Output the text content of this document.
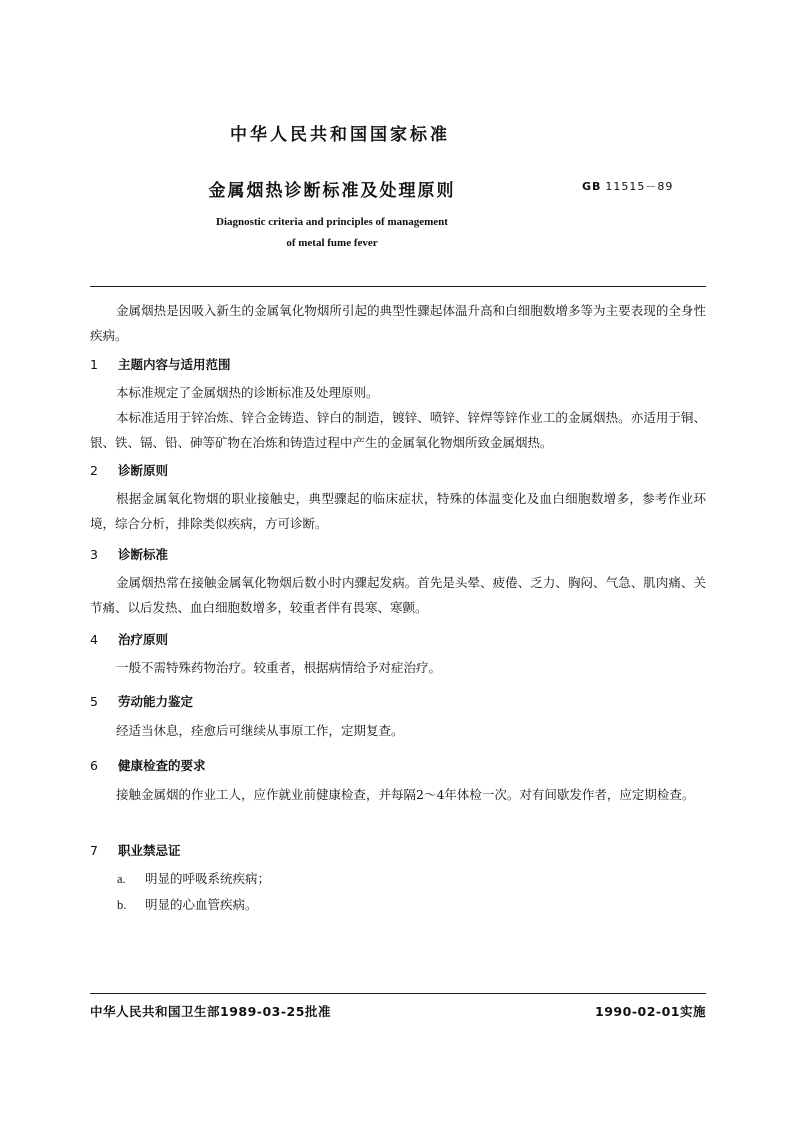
中华人民共和国国家标准
金属烟热诊断标准及处理原则	GB 11515－89
Diagnostic criteria and principles of management
of metal fume fever

金属烟热是因吸入新生的金属氧化物烟所引起的典型性骤起体温升高和白细胞数增多等为主要表现的全身性疾病。

1 主题内容与适用范围

本标准规定了金属烟热的诊断标准及处理原则。

本标准适用于锌冶炼、锌合金铸造、锌白的制造，镀锌、喷锌、锌焊等锌作业工的金属烟热。亦适用于铜、银、铁、镉、铅、砷等矿物在冶炼和铸造过程中产生的金属氧化物烟所致金属烟热。

2 诊断原则

根据金属氧化物烟的职业接触史，典型骤起的临床症状，特殊的体温变化及血白细胞数增多，参考作业环境，综合分析，排除类似疾病，方可诊断。

3 诊断标准

金属烟热常在接触金属氧化物烟后数小时内骤起发病。首先是头晕、疲倦、乏力、胸闷、气急、肌肉痛、关节痛、以后发热、血白细胞数增多，较重者伴有畏寒、寒颤。

4 治疗原则

一般不需特殊药物治疗。较重者，根据病情给予对症治疗。

5 劳动能力鉴定

经适当休息，痊愈后可继续从事原工作，定期复查。

6 健康检查的要求

接触金属烟的作业工人，应作就业前健康检查，并每隔2～4年体检一次。对有间歇发作者，应定期检查。

7 职业禁忌证
a. 明显的呼吸系统疾病；
b. 明显的心血管疾病。
中华人民共和国卫生部1989-03-25批准	1990-02-01实施
